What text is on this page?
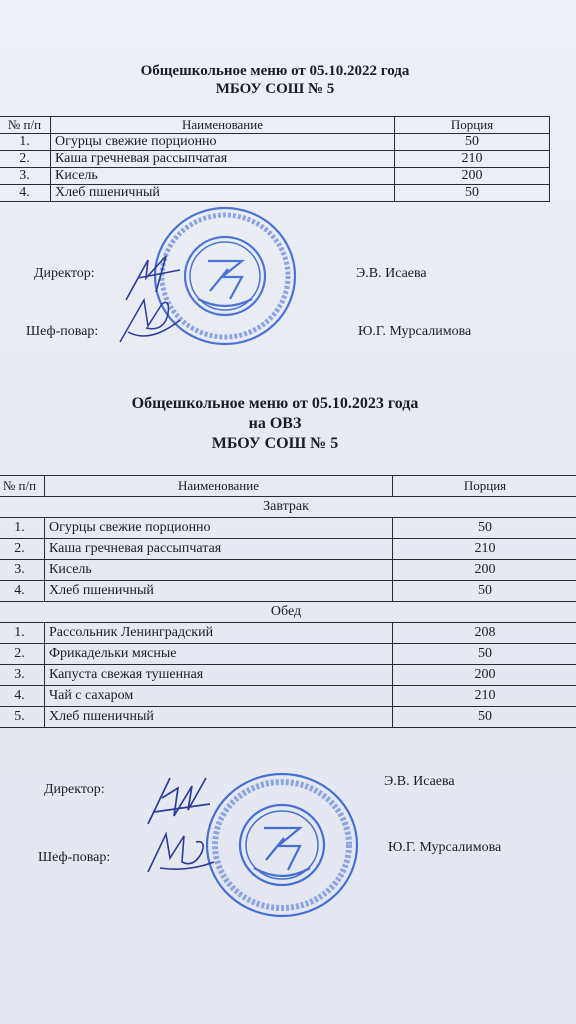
Общешкольное меню от 05.10.2022 года
МБОУ СОШ № 5
№ п/п	Наименование	Порция
1.	Огурцы свежие порционно	50
2.	Каша гречневая рассыпчатая	210
3.	Кисель	200
4.	Хлеб пшеничный	50
Директор:	Э.В. Исаева
Шеф-повар:	Ю.Г. Мурсалимова
Общешкольное меню от 05.10.2023 года
на ОВЗ
МБОУ СОШ № 5
№ п/п	Наименование	Порция
Завтрак		
1.	Огурцы свежие порционно	50
2.	Каша гречневая рассыпчатая	210
3.	Кисель	200
4.	Хлеб пшеничный	50
Обед		
1.	Рассольник Ленинградский	208
2.	Фрикадельки мясные	50
3.	Капуста свежая тушенная	200
4.	Чай с сахаром	210
5.	Хлеб пшеничный	50
Директор:
Э.В. Исаева
Шеф-повар:
Ю.Г. Мурсалимова
